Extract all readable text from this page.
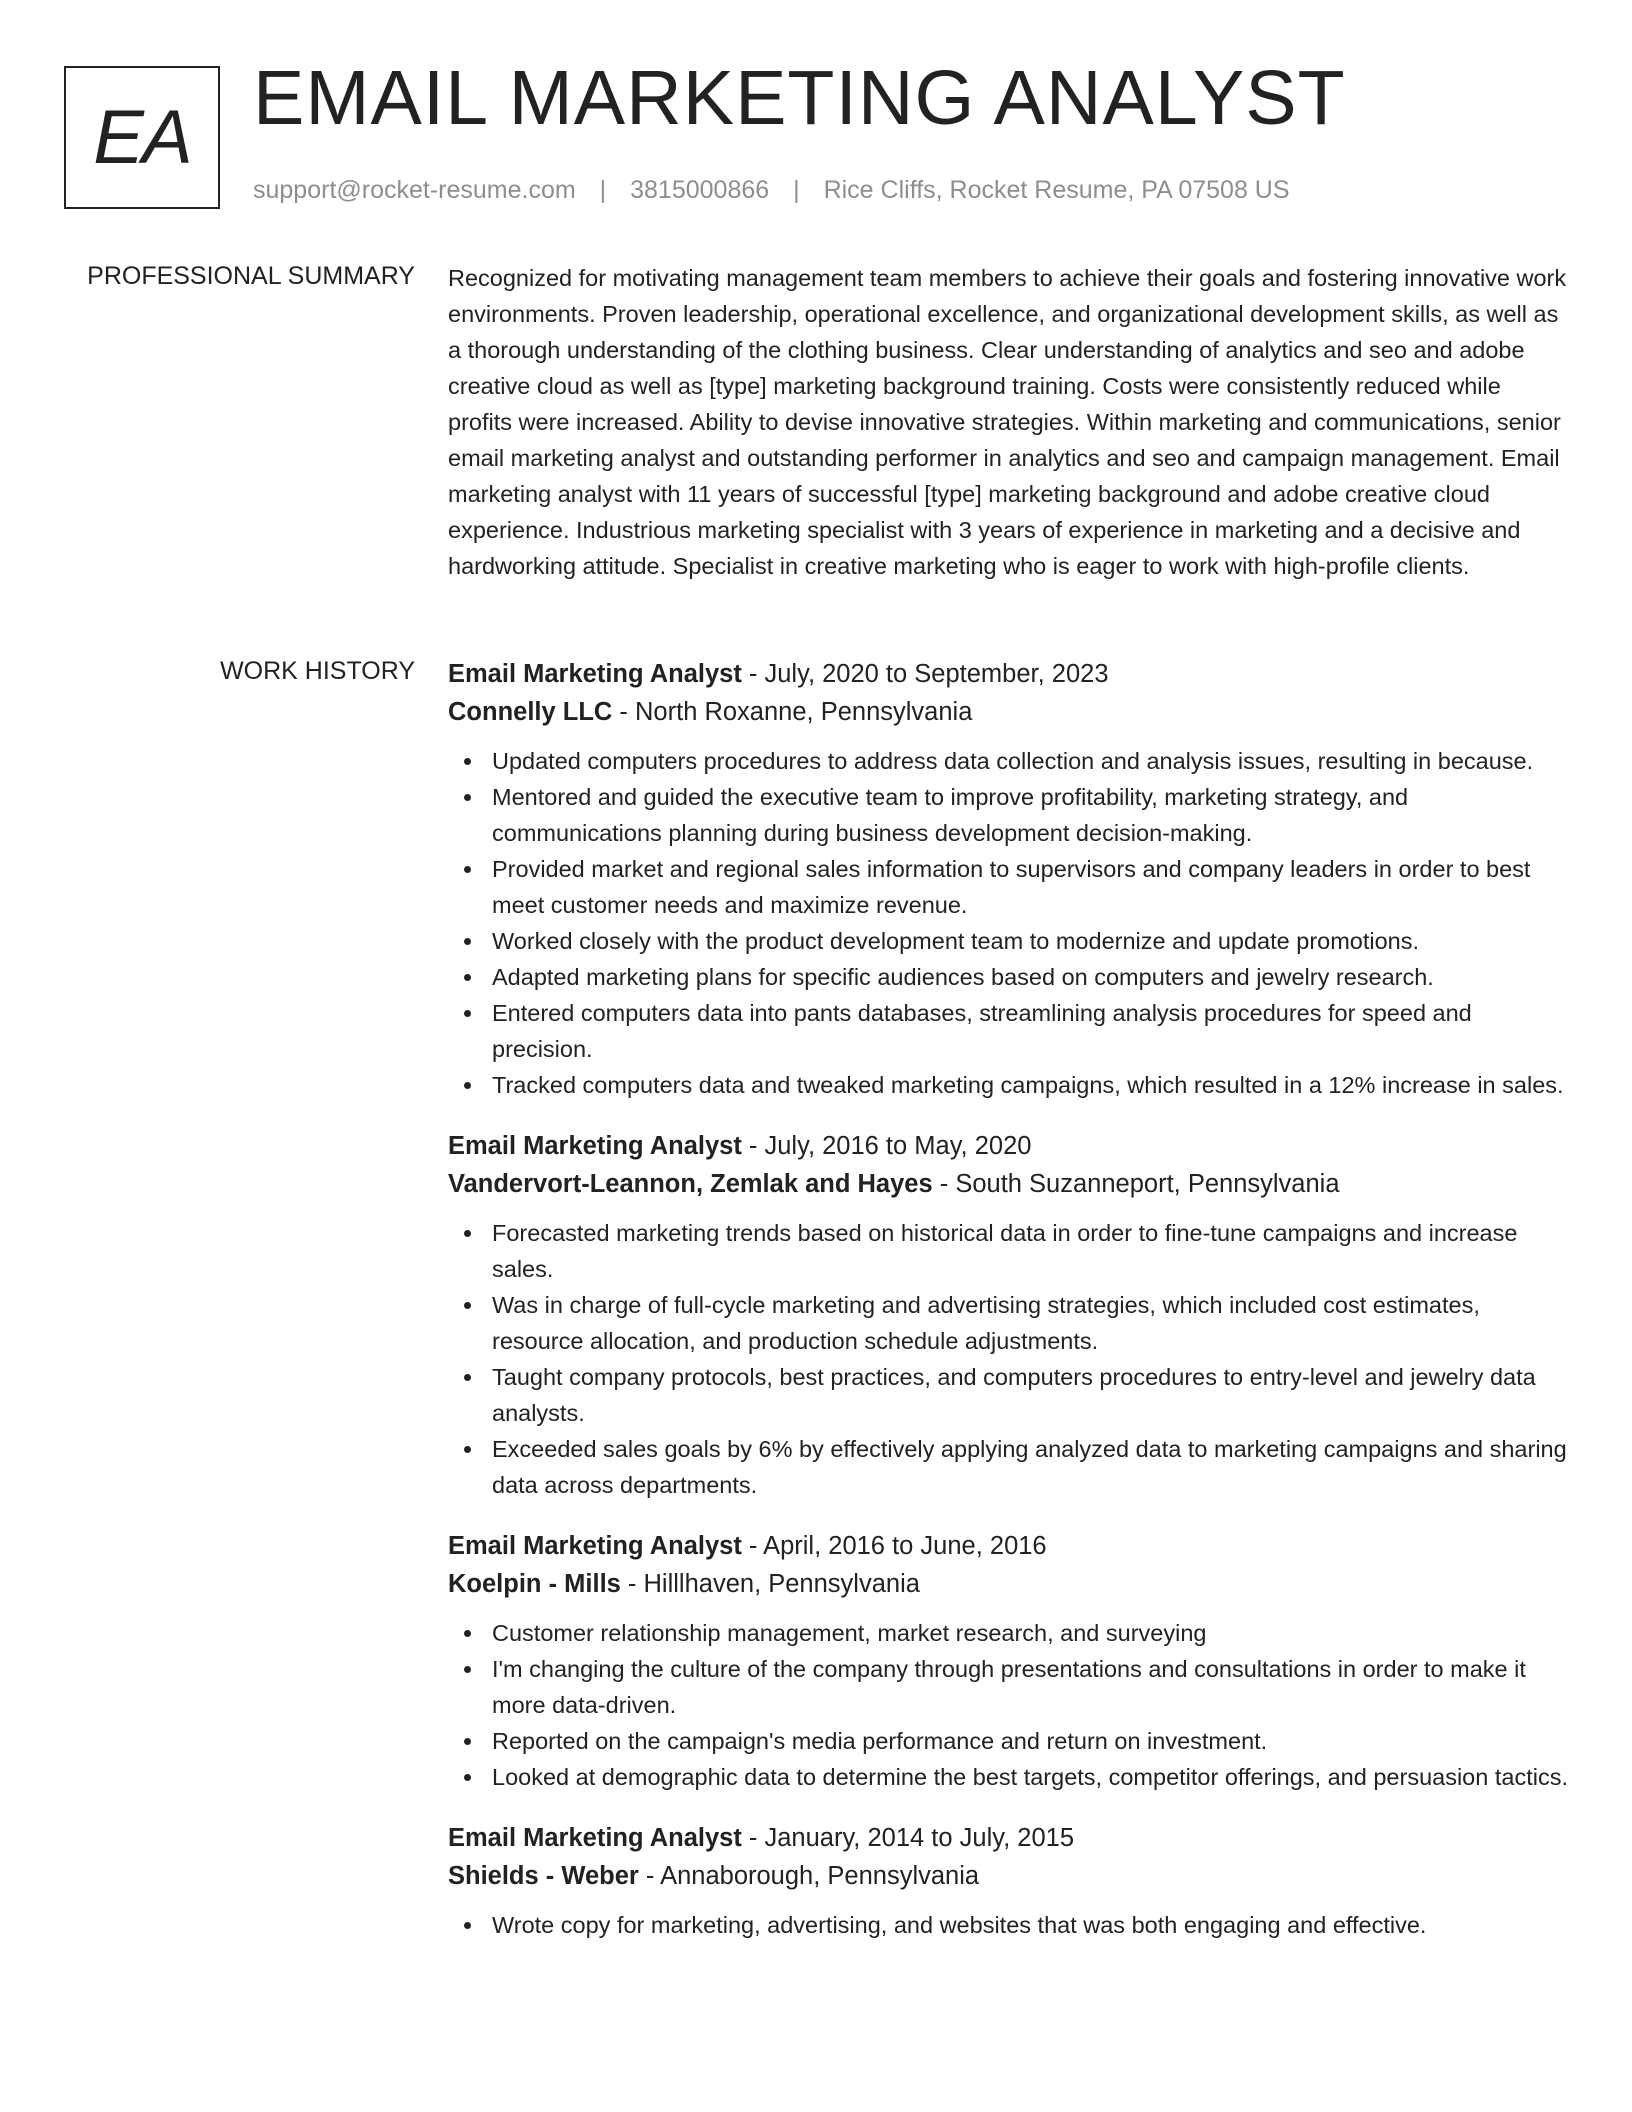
EA EMAIL MARKETING ANALYST
support@rocket-resume.com | 3815000866 | Rice Cliffs, Rocket Resume, PA 07508 US
PROFESSIONAL SUMMARY Recognized for motivating management team members to achieve their goals and fostering innovative work environments. Proven leadership, operational excellence, and organizational development skills, as well as a thorough understanding of the clothing business. Clear understanding of analytics and seo and adobe creative cloud as well as [type] marketing background training. Costs were consistently reduced while profits were increased. Ability to devise innovative strategies. Within marketing and communications, senior email marketing analyst and outstanding performer in analytics and seo and campaign management. Email marketing analyst with 11 years of successful [type] marketing background and adobe creative cloud experience. Industrious marketing specialist with 3 years of experience in marketing and a decisive and hardworking attitude. Specialist in creative marketing who is eager to work with high-profile clients.

WORK HISTORY Email Marketing Analyst - July, 2020 to September, 2023
Connelly LLC - North Roxanne, Pennsylvania
Updated computers procedures to address data collection and analysis issues, resulting in because.
Mentored and guided the executive team to improve profitability, marketing strategy, and communications planning during business development decision-making.
Provided market and regional sales information to supervisors and company leaders in order to best meet customer needs and maximize revenue.
Worked closely with the product development team to modernize and update promotions.
Adapted marketing plans for specific audiences based on computers and jewelry research.
Entered computers data into pants databases, streamlining analysis procedures for speed and precision.
Tracked computers data and tweaked marketing campaigns, which resulted in a 12% increase in sales.
Email Marketing Analyst - July, 2016 to May, 2020
Vandervort-Leannon, Zemlak and Hayes - South Suzanneport, Pennsylvania
Forecasted marketing trends based on historical data in order to fine-tune campaigns and increase sales.
Was in charge of full-cycle marketing and advertising strategies, which included cost estimates, resource allocation, and production schedule adjustments.
Taught company protocols, best practices, and computers procedures to entry-level and jewelry data analysts.
Exceeded sales goals by 6% by effectively applying analyzed data to marketing campaigns and sharing data across departments.
Email Marketing Analyst - April, 2016 to June, 2016
Koelpin - Mills - Hilllhaven, Pennsylvania
Customer relationship management, market research, and surveying
I'm changing the culture of the company through presentations and consultations in order to make it more data-driven.
Reported on the campaign's media performance and return on investment.
Looked at demographic data to determine the best targets, competitor offerings, and persuasion tactics.
Email Marketing Analyst - January, 2014 to July, 2015
Shields - Weber - Annaborough, Pennsylvania
Wrote copy for marketing, advertising, and websites that was both engaging and effective.
